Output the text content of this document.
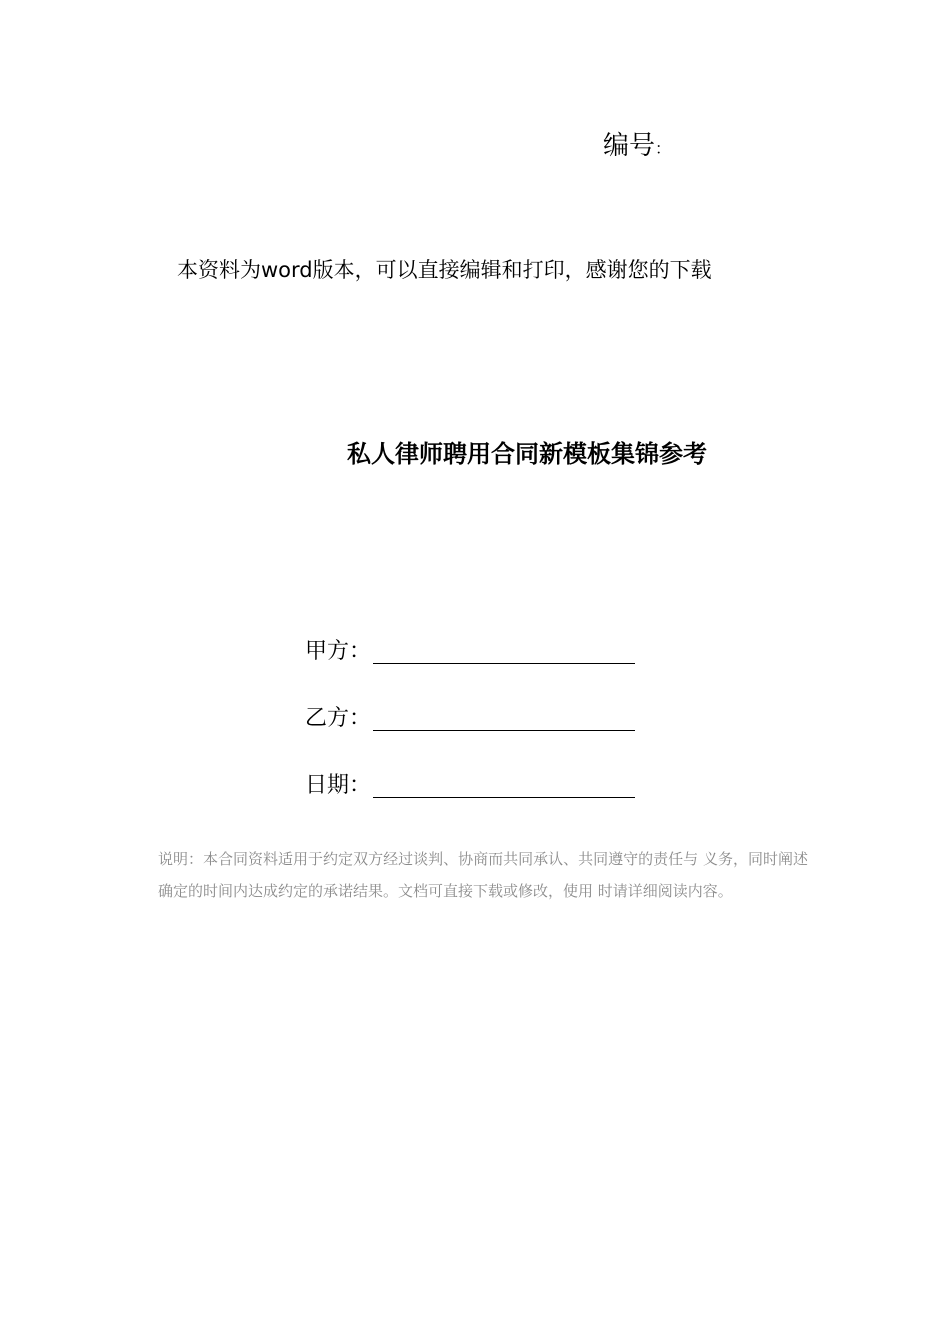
编号：
本资料为word版本，可以直接编辑和打印，感谢您的下载
私人律师聘用合同新模板集锦参考
甲方：
乙方：
日期：
说明：本合同资料适用于约定双方经过谈判、协商而共同承认、共同遵守的责任与 义务，同时阐述确定的时间内达成约定的承诺结果。文档可直接下载或修改，使用 时请详细阅读内容。
